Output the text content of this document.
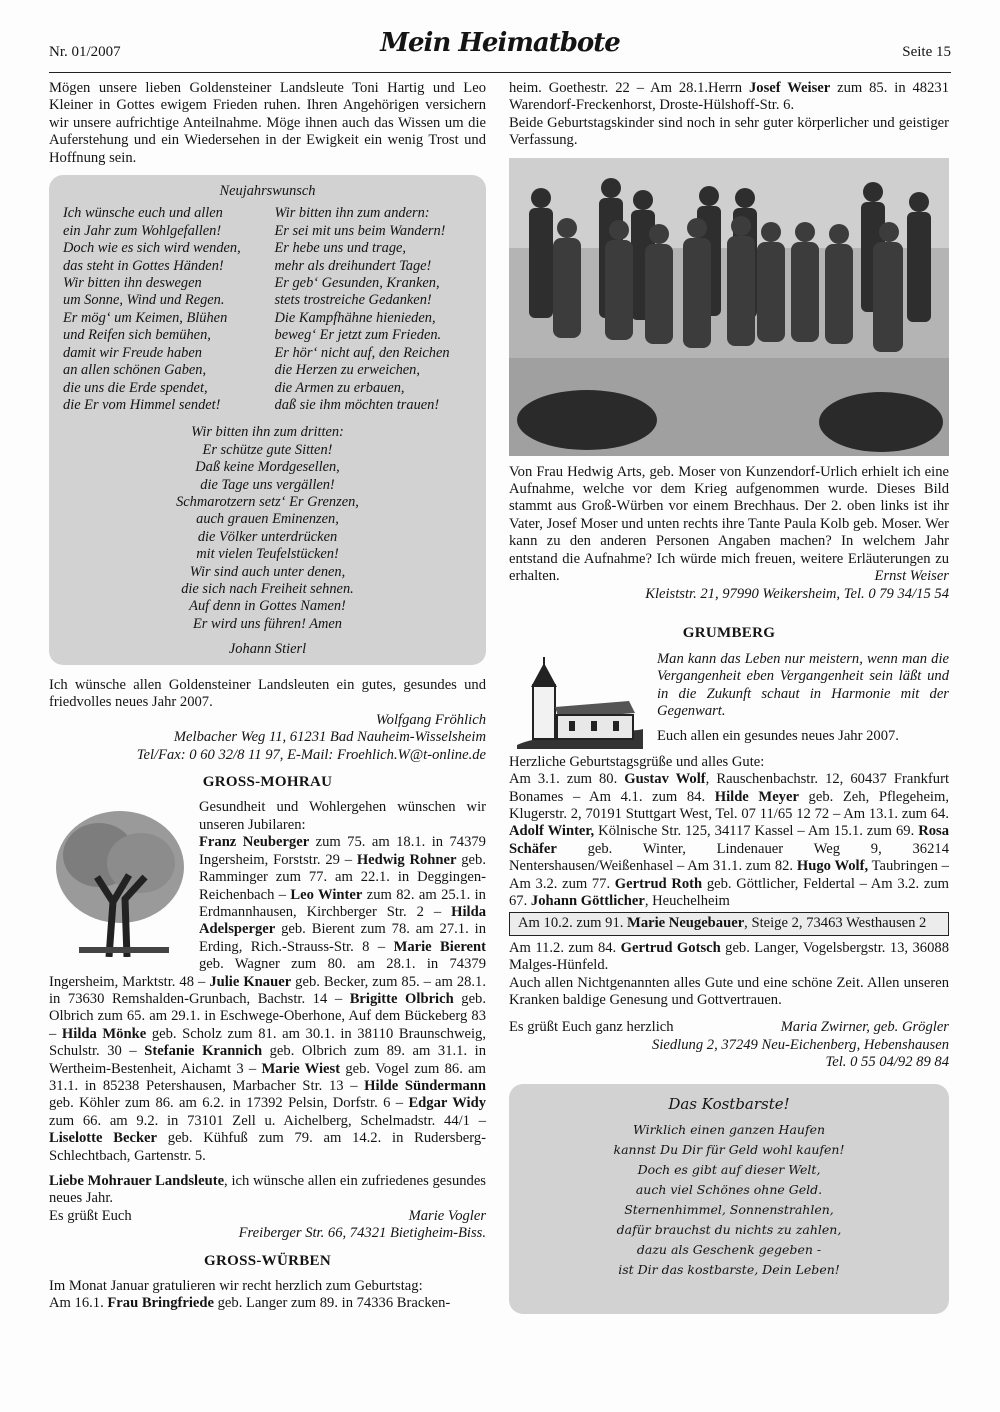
Nr. 01/2007	Mein Heimatbote	Seite 15

Mögen unsere lieben Goldensteiner Landsleute Toni Hartig und Leo Kleiner in Gottes ewigem Frieden ruhen. Ihren Angehörigen versichern wir unsere aufrichtige Anteilnahme. Möge ihnen auch das Wissen um die Auferstehung und ein Wiedersehen in der Ewigkeit ein wenig Trost und Hoffnung sein.

Neujahrswunsch
Ich wünsche euch und allen
ein Jahr zum Wohlgefallen!
Doch wie es sich wird wenden,
das steht in Gottes Händen!
Wir bitten ihn deswegen
um Sonne, Wind und Regen.
Er mög‘ um Keimen, Blühen
und Reifen sich bemühen,
damit wir Freude haben
an allen schönen Gaben,
die uns die Erde spendet,
die Er vom Himmel sendet!
Wir bitten ihn zum andern:
Er sei mit uns beim Wandern!
Er hebe uns und trage,
mehr als dreihundert Tage!
Er geb‘ Gesunden, Kranken,
stets trostreiche Gedanken!
Die Kampfhähne hienieden,
beweg‘ Er jetzt zum Frieden.
Er hör‘ nicht auf, den Reichen
die Herzen zu erweichen,
die Armen zu erbauen,
daß sie ihm möchten trauen!
Wir bitten ihn zum dritten:
Er schütze gute Sitten!
Daß keine Mordgesellen,
die Tage uns vergällen!
Schmarotzern setz‘ Er Grenzen,
auch grauen Eminenzen,
die Völker unterdrücken
mit vielen Teufelstücken!
Wir sind auch unter denen,
die sich nach Freiheit sehnen.
Auf denn in Gottes Namen!
Er wird uns führen! Amen
Johann Stierl

Ich wünsche allen Goldensteiner Landsleuten ein gutes, gesundes und friedvolles neues Jahr 2007.

Wolfgang Fröhlich

Melbacher Weg 11, 61231 Bad Nauheim-Wisselsheim

Tel/Fax: 0 60 32/8 11 97, E-Mail: Froehlich.W@t-online.de

GROSS-MOHRAU

Gesundheit und Wohlergehen wünschen wir unseren Jubilaren:

Franz Neuberger zum 75. am 18.1. in 74379 Ingersheim, Forststr. 29 – Hedwig Rohner geb. Ramminger zum 77. am 22.1. in Deggingen-Reichenbach – Leo Winter zum 82. am 25.1. in Erdmannhausen, Kirchberger Str. 2 – Hilda Adelsperger geb. Bierent zum 78. am 27.1. in Erding, Rich.-Strauss-Str. 8 – Marie Bierent geb. Wagner zum 80. am 28.1. in 74379 Ingersheim, Marktstr. 48 – Julie Knauer geb. Becker, zum 85. – am 28.1. in 73630 Remshalden-Grunbach, Bachstr. 14 – Brigitte Olbrich geb. Olbrich zum 65. am 29.1. in Eschwege-Oberhone, Auf dem Bückeberg 83 – Hilda Mönke geb. Scholz zum 81. am 30.1. in 38110 Braunschweig, Schulstr. 30 – Stefanie Krannich geb. Olbrich zum 89. am 31.1. in Wertheim-Bestenheit, Aichamt 3 – Marie Wiest geb. Vogel zum 86. am 31.1. in 85238 Petershausen, Marbacher Str. 13 – Hilde Sündermann geb. Köhler zum 86. am 6.2. in 17392 Pelsin, Dorfstr. 6 – Edgar Widy zum 66. am 9.2. in 73101 Zell u. Aichelberg, Schelmadstr. 44/1 – Liselotte Becker geb. Kühfuß zum 79. am 14.2. in Rudersberg-Schlechtbach, Gartenstr. 5.

Liebe Mohrauer Landsleute, ich wünsche allen ein zufriedenes gesundes neues Jahr.

Es grüßt Euch	Marie Vogler

Freiberger Str. 66, 74321 Bietigheim-Biss.

GROSS-WÜRBEN

Im Monat Januar gratulieren wir recht herzlich zum Geburtstag:

Am 16.1. Frau Bringfriede geb. Langer zum 89. in 74336 Bracken-

heim. Goethestr. 22 – Am 28.1.Herrn Josef Weiser zum 85. in 48231 Warendorf-Freckenhorst, Droste-Hülshoff-Str. 6.

Beide Geburtstagskinder sind noch in sehr guter körperlicher und geistiger Verfassung.

Von Frau Hedwig Arts, geb. Moser von Kunzendorf-Urlich erhielt ich eine Aufnahme, welche vor dem Krieg aufgenommen wurde. Dieses Bild stammt aus Groß-Würben vor einem Brechhaus. Der 2. oben links ist ihr Vater, Josef Moser und unten rechts ihre Tante Paula Kolb geb. Moser. Wer kann zu den anderen Personen Angaben machen? In welchem Jahr entstand die Aufnahme? Ich würde mich freuen, weitere Erläuterungen zu erhalten.	Ernst Weiser

Kleiststr. 21, 97990 Weikersheim, Tel. 0 79 34/15 54

GRUMBERG

Man kann das Leben nur meistern, wenn man die Vergangenheit eben Vergangenheit sein läßt und in die Zukunft schaut in Harmonie mit der Gegenwart.

Euch allen ein gesundes neues Jahr 2007.

Herzliche Geburtstagsgrüße und alles Gute:

Am 3.1. zum 80. Gustav Wolf, Rauschenbachstr. 12, 60437 Frankfurt Bonames – Am 4.1. zum 84. Hilde Meyer geb. Zeh, Pflegeheim, Klugerstr. 2, 70191 Stuttgart West, Tel. 07 11/65 12 72 – Am 13.1. zum 64. Adolf Winter, Kölnische Str. 125, 34117 Kassel – Am 15.1. zum 69. Rosa Schäfer geb. Winter, Lindenauer Weg 9, 36214 Nentershausen/Weißenhasel – Am 31.1. zum 82. Hugo Wolf, Taubringen – Am 3.2. zum 77. Gertrud Roth geb. Göttlicher, Feldertal – Am 3.2. zum 67. Johann Göttlicher, Heuchelheim

Am 10.2. zum 91. Marie Neugebauer, Steige 2, 73463 Westhausen 2

Am 11.2. zum 84. Gertrud Gotsch geb. Langer, Vogelsbergstr. 13, 36088 Malges-Hünfeld.

Auch allen Nichtgenannten alles Gute und eine schöne Zeit. Allen unseren Kranken baldige Genesung und Gottvertrauen.

Es grüßt Euch ganz herzlich	Maria Zwirner, geb. Grögler

Siedlung 2, 37249 Neu-Eichenberg, Hebenshausen

Tel. 0 55 04/92 89 84

Das Kostbarste!
Wirklich einen ganzen Haufen
kannst Du Dir für Geld wohl kaufen!
Doch es gibt auf dieser Welt,
auch viel Schönes ohne Geld.
Sternenhimmel, Sonnenstrahlen,
dafür brauchst du nichts zu zahlen,
dazu als Geschenk gegeben -
ist Dir das kostbarste, Dein Leben!
